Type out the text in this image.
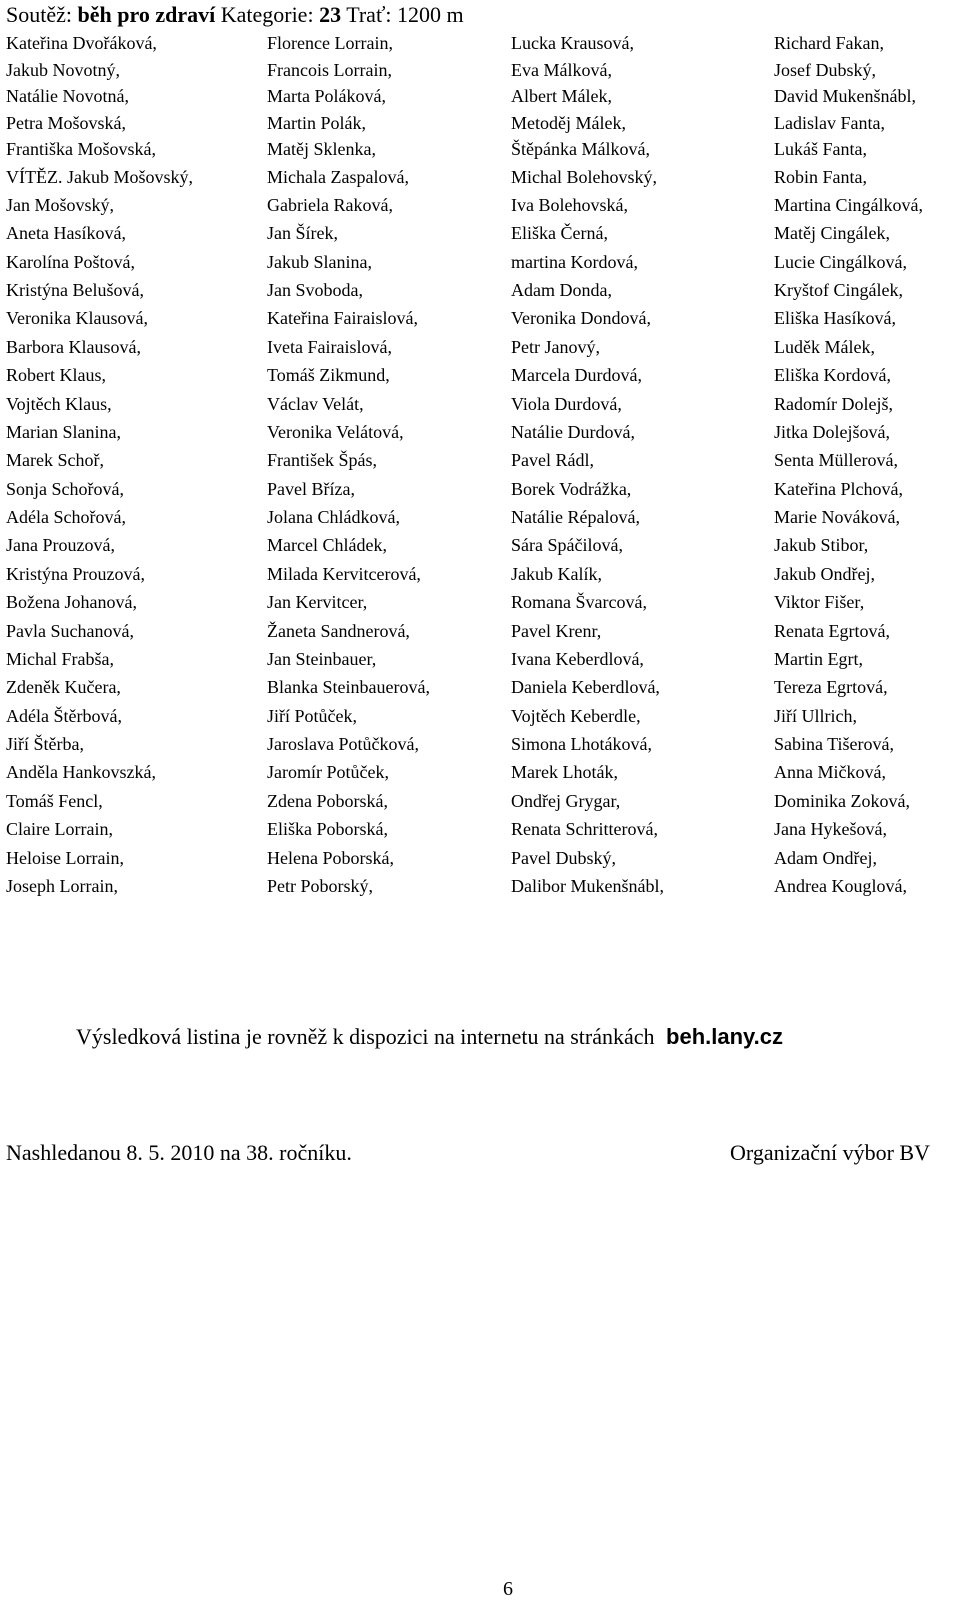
Soutěž: běh pro zdraví Kategorie: 23 Trať: 1200 m
Kateřina Dvořáková,	Florence Lorrain,	Lucka Krausová,	Richard Fakan,
Jakub Novotný,	Francois Lorrain,	Eva Málková,	Josef Dubský,
Natálie Novotná,	Marta Poláková,	Albert Málek,	David Mukenšnábl,
Petra Mošovská,	Martin Polák,	Metoděj Málek,	Ladislav Fanta,
Františka Mošovská,	Matěj Sklenka,	Štěpánka Málková,	Lukáš Fanta,
VÍTĚZ. Jakub Mošovský,	Michala Zaspalová,	Michal Bolehovský,	Robin Fanta,
Jan Mošovský,	Gabriela Raková,	Iva Bolehovská,	Martina Cingálková,
Aneta Hasíková,	Jan Šírek,	Eliška Černá,	Matěj Cingálek,
Karolína Poštová,	Jakub Slanina,	martina Kordová,	Lucie Cingálková,
Kristýna Belušová,	Jan Svoboda,	Adam Donda,	Kryštof Cingálek,
Veronika Klausová,	Kateřina Fairaislová,	Veronika Dondová,	Eliška Hasíková,
Barbora Klausová,	Iveta Fairaislová,	Petr Janový,	Luděk Málek,
Robert Klaus,	Tomáš Zikmund,	Marcela Durdová,	Eliška Kordová,
Vojtěch Klaus,	Václav Velát,	Viola Durdová,	Radomír Dolejš,
Marian Slanina,	Veronika Velátová,	Natálie Durdová,	Jitka Dolejšová,
Marek Schoř,	František Špás,	Pavel Rádl,	Senta Müllerová,
Sonja Schořová,	Pavel Bříza,	Borek Vodrážka,	Kateřina Plchová,
Adéla Schořová,	Jolana Chládková,	Natálie Répalová,	Marie Nováková,
Jana Prouzová,	Marcel Chládek,	Sára Spáčilová,	Jakub Stibor,
Kristýna Prouzová,	Milada Kervitcerová,	Jakub Kalík,	Jakub Ondřej,
Božena Johanová,	Jan Kervitcer,	Romana Švarcová,	Viktor Fišer,
Pavla Suchanová,	Žaneta Sandnerová,	Pavel Krenr,	Renata Egrtová,
Michal Frabša,	Jan Steinbauer,	Ivana Keberdlová,	Martin Egrt,
Zdeněk Kučera,	Blanka Steinbauerová,	Daniela Keberdlová,	Tereza Egrtová,
Adéla Štěrbová,	Jiří Potůček,	Vojtěch Keberdle,	Jiří Ullrich,
Jiří Štěrba,	Jaroslava Potůčková,	Simona Lhotáková,	Sabina Tišerová,
Anděla Hankovszká,	Jaromír Potůček,	Marek Lhoták,	Anna Mičková,
Tomáš Fencl,	Zdena Poborská,	Ondřej Grygar,	Dominika Zoková,
Claire Lorrain,	Eliška Poborská,	Renata Schritterová,	Jana Hykešová,
Heloise Lorrain,	Helena Poborská,	Pavel Dubský,	Adam Ondřej,
Joseph Lorrain,	Petr Poborský,	Dalibor Mukenšnábl,	Andrea Kouglová,
Výsledková listina je rovněž k dispozici na internetu na stránkách beh.lany.cz
Nashledanou 8. 5. 2010 na 38. ročníku.	Organizační výbor BV
6
